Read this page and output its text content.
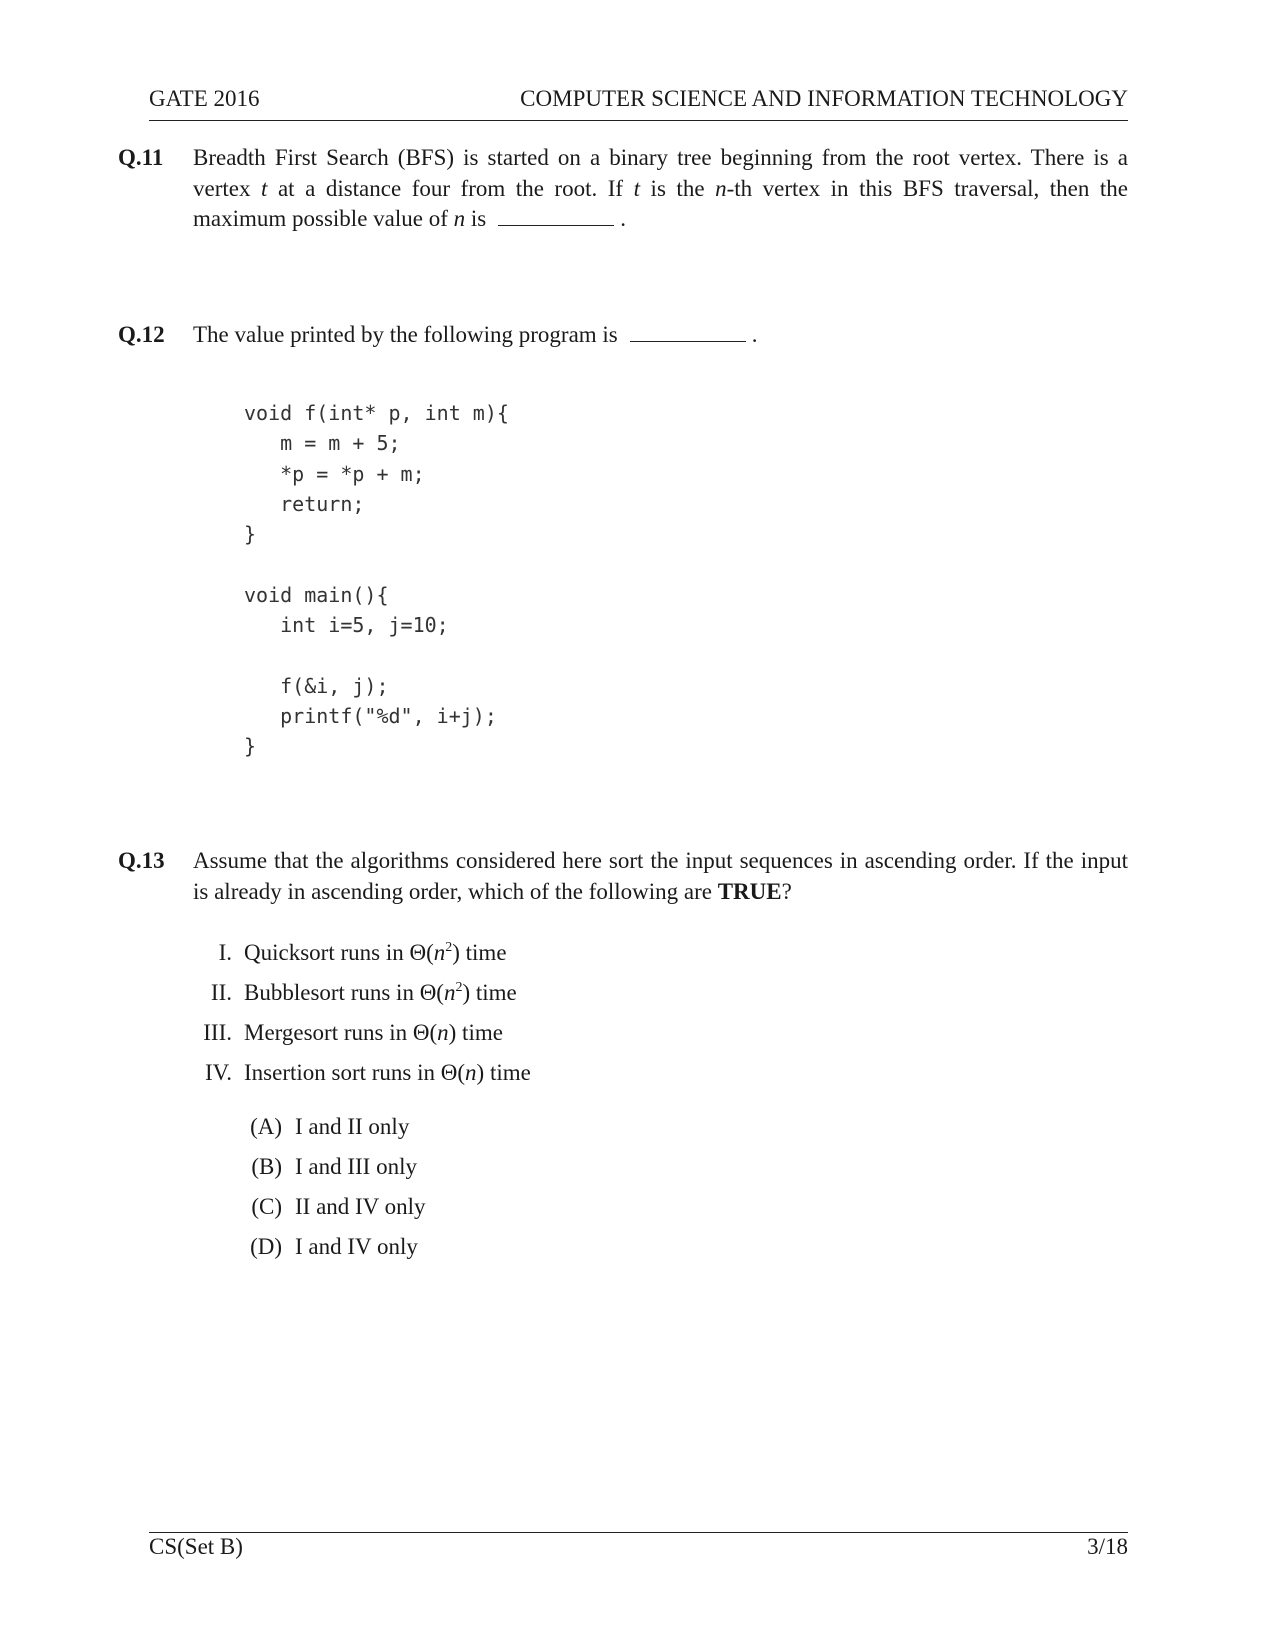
GATE 2016	COMPUTER SCIENCE AND INFORMATION TECHNOLOGY
Q.11 Breadth First Search (BFS) is started on a binary tree beginning from the root vertex. There is a vertex t at a distance four from the root. If t is the n-th vertex in this BFS traversal, then the maximum possible value of n is	.
Q.12 The value printed by the following program is	.
void f(int* p, int m){
m = m + 5;
*p = *p + m;
return;
}

void main(){
int i=5, j=10;

f(&i, j);
printf("%d", i+j);
}
Q.13 Assume that the algorithms considered here sort the input sequences in ascending order. If the input is already in ascending order, which of the following are TRUE?
I. Quicksort runs in $\Theta(n^2)$ time
II. Bubblesort runs in $\Theta(n^2)$ time
III. Mergesort runs in Θ(n) time
IV. Insertion sort runs in Θ(n) time
(A) I and II only
(B) I and III only
(C) II and IV only
(D) I and IV only
CS(Set B)	3/18
